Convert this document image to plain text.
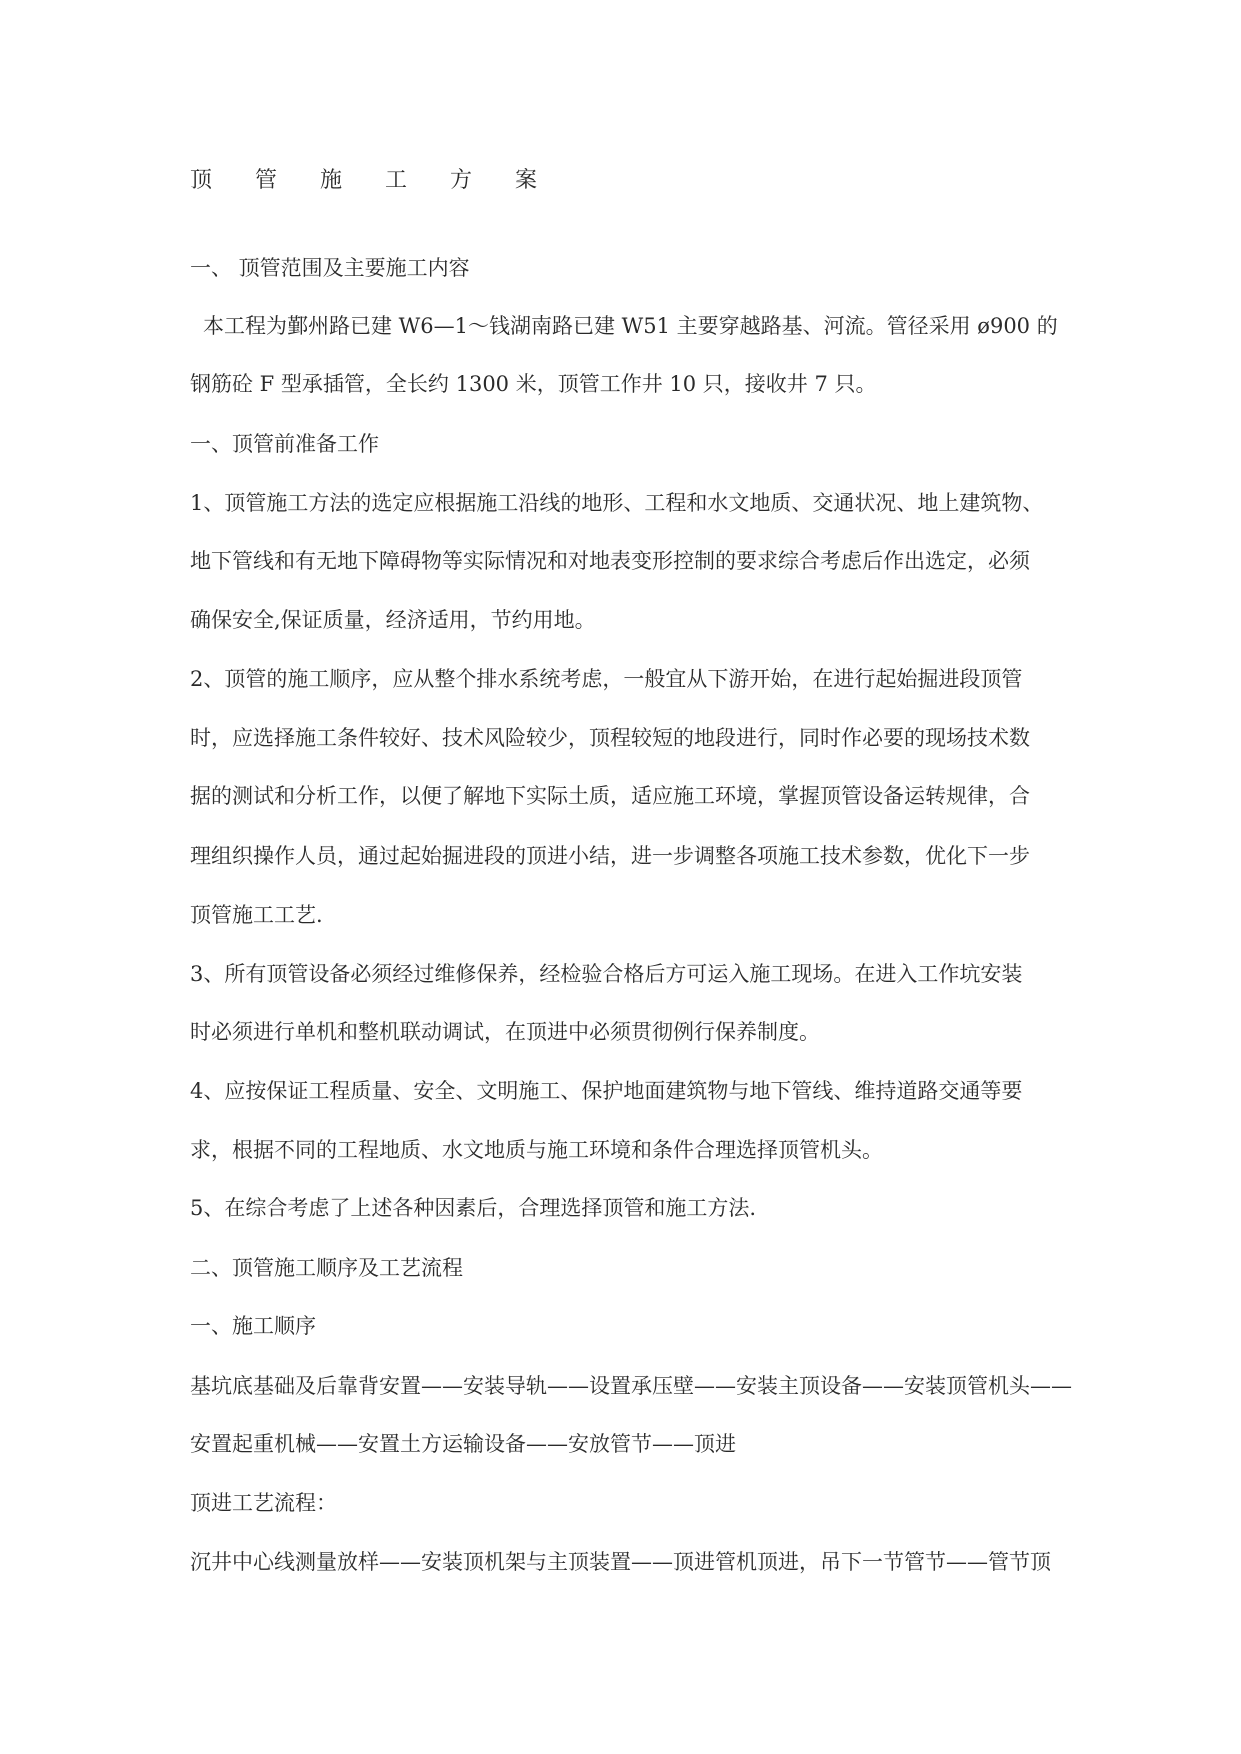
顶 管 施 工 方 案
一、 顶管范围及主要施工内容
本工程为鄞州路已建 W6—1～钱湖南路已建 W51 主要穿越路基、河流。管径采用 ø900 的
钢筋砼 F 型承插管，全长约 1300 米，顶管工作井 10 只，接收井 7 只。
一、顶管前准备工作
1、顶管施工方法的选定应根据施工沿线的地形、工程和水文地质、交通状况、地上建筑物、
地下管线和有无地下障碍物等实际情况和对地表变形控制的要求综合考虑后作出选定，必须
确保安全,保证质量，经济适用，节约用地。
2、顶管的施工顺序，应从整个排水系统考虑，一般宜从下游开始，在进行起始掘进段顶管
时，应选择施工条件较好、技术风险较少，顶程较短的地段进行，同时作必要的现场技术数
据的测试和分析工作，以便了解地下实际土质，适应施工环境，掌握顶管设备运转规律，合
理组织操作人员，通过起始掘进段的顶进小结，进一步调整各项施工技术参数，优化下一步
顶管施工工艺.
3、所有顶管设备必须经过维修保养，经检验合格后方可运入施工现场。在进入工作坑安装
时必须进行单机和整机联动调试，在顶进中必须贯彻例行保养制度。
4、应按保证工程质量、安全、文明施工、保护地面建筑物与地下管线、维持道路交通等要
求，根据不同的工程地质、水文地质与施工环境和条件合理选择顶管机头。
5、在综合考虑了上述各种因素后，合理选择顶管和施工方法.
二、顶管施工顺序及工艺流程
一、施工顺序
基坑底基础及后靠背安置——安装导轨——设置承压壁——安装主顶设备——安装顶管机头——
安置起重机械——安置土方运输设备——安放管节——顶进
顶进工艺流程：
沉井中心线测量放样——安装顶机架与主顶装置——顶进管机顶进，吊下一节管节——管节顶
